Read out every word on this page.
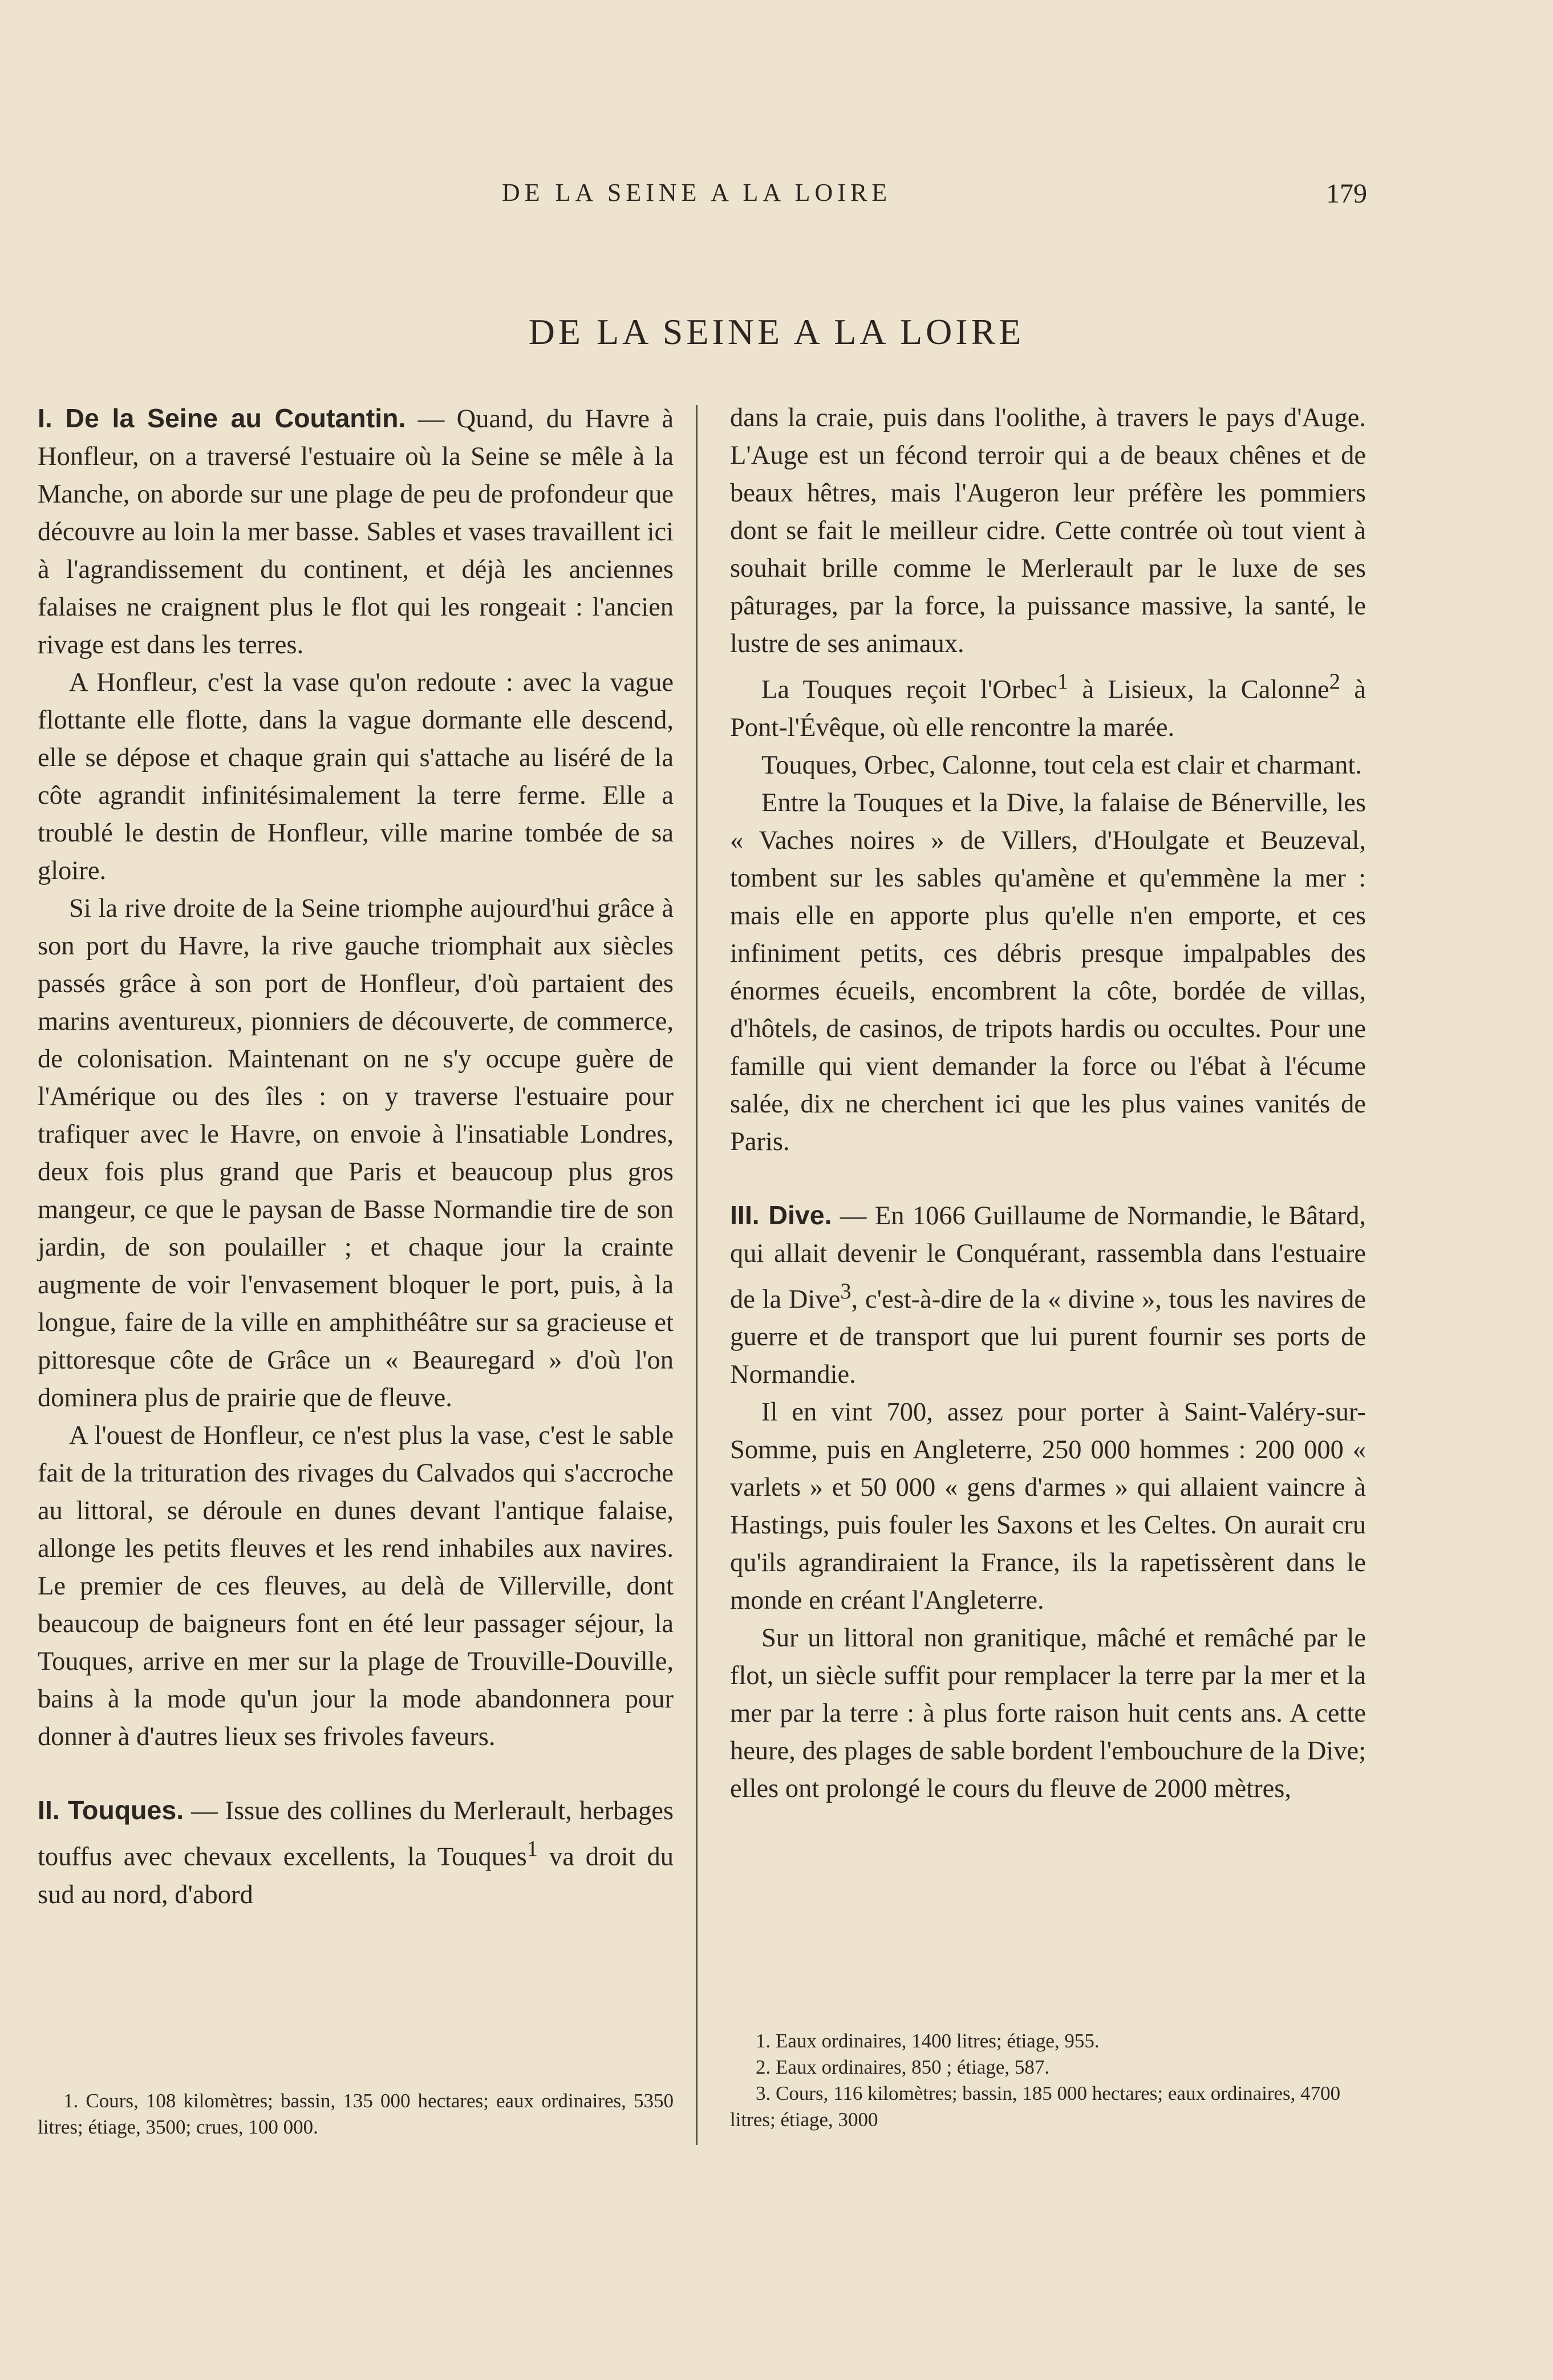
DE LA SEINE A LA LOIRE	179
DE LA SEINE A LA LOIRE

I. De la Seine au Coutantin. — Quand, du Havre à Honfleur, on a traversé l'estuaire où la Seine se mêle à la Manche, on aborde sur une plage de peu de profondeur que découvre au loin la mer basse. Sables et vases travaillent ici à l'agrandissement du continent, et déjà les anciennes falaises ne craignent plus le flot qui les rongeait : l'ancien rivage est dans les terres.

A Honfleur, c'est la vase qu'on redoute : avec la vague flottante elle flotte, dans la vague dormante elle descend, elle se dépose et chaque grain qui s'attache au liséré de la côte agrandit infinitésimalement la terre ferme. Elle a troublé le destin de Honfleur, ville marine tombée de sa gloire.

Si la rive droite de la Seine triomphe aujourd'hui grâce à son port du Havre, la rive gauche triomphait aux siècles passés grâce à son port de Honfleur, d'où partaient des marins aventureux, pionniers de découverte, de commerce, de colonisation. Maintenant on ne s'y occupe guère de l'Amérique ou des îles : on y traverse l'estuaire pour trafiquer avec le Havre, on envoie à l'insatiable Londres, deux fois plus grand que Paris et beaucoup plus gros mangeur, ce que le paysan de Basse Normandie tire de son jardin, de son poulailler ; et chaque jour la crainte augmente de voir l'envasement bloquer le port, puis, à la longue, faire de la ville en amphithéâtre sur sa gracieuse et pittoresque côte de Grâce un « Beauregard » d'où l'on dominera plus de prairie que de fleuve.

A l'ouest de Honfleur, ce n'est plus la vase, c'est le sable fait de la trituration des rivages du Calvados qui s'accroche au littoral, se déroule en dunes devant l'antique falaise, allonge les petits fleuves et les rend inhabiles aux navires. Le premier de ces fleuves, au delà de Villerville, dont beaucoup de baigneurs font en été leur passager séjour, la Touques, arrive en mer sur la plage de Trouville-Douville, bains à la mode qu'un jour la mode abandonnera pour donner à d'autres lieux ses frivoles faveurs.

II. Touques. — Issue des collines du Merlerault, herbages touffus avec chevaux excellents, la Touques$^1$ va droit du sud au nord, d'abord

1. Cours, 108 kilomètres; bassin, 135 000 hectares; eaux ordinaires, 5350 litres; étiage, 3500; crues, 100 000.

dans la craie, puis dans l'oolithe, à travers le pays d'Auge. L'Auge est un fécond terroir qui a de beaux chênes et de beaux hêtres, mais l'Augeron leur préfère les pommiers dont se fait le meilleur cidre. Cette contrée où tout vient à souhait brille comme le Merlerault par le luxe de ses pâturages, par la force, la puissance massive, la santé, le lustre de ses animaux.

La Touques reçoit l'Orbec$^1$ à Lisieux, la Calonne$^2$ à Pont-l'Évêque, où elle rencontre la marée.

Touques, Orbec, Calonne, tout cela est clair et charmant.

Entre la Touques et la Dive, la falaise de Bénerville, les « Vaches noires » de Villers, d'Houlgate et Beuzeval, tombent sur les sables qu'amène et qu'emmène la mer : mais elle en apporte plus qu'elle n'en emporte, et ces infiniment petits, ces débris presque impalpables des énormes écueils, encombrent la côte, bordée de villas, d'hôtels, de casinos, de tripots hardis ou occultes. Pour une famille qui vient demander la force ou l'ébat à l'écume salée, dix ne cherchent ici que les plus vaines vanités de Paris.

III. Dive. — En 1066 Guillaume de Normandie, le Bâtard, qui allait devenir le Conquérant, rassembla dans l'estuaire de la Dive$^3$, c'est-à-dire de la « divine », tous les navires de guerre et de transport que lui purent fournir ses ports de Normandie.

Il en vint 700, assez pour porter à Saint-Valéry-sur-Somme, puis en Angleterre, 250 000 hommes : 200 000 « varlets » et 50 000 « gens d'armes » qui allaient vaincre à Hastings, puis fouler les Saxons et les Celtes. On aurait cru qu'ils agrandiraient la France, ils la rapetissèrent dans le monde en créant l'Angleterre.

Sur un littoral non granitique, mâché et remâché par le flot, un siècle suffit pour remplacer la terre par la mer et la mer par la terre : à plus forte raison huit cents ans. A cette heure, des plages de sable bordent l'embouchure de la Dive; elles ont prolongé le cours du fleuve de 2000 mètres,

1. Eaux ordinaires, 1400 litres; étiage, 955.
2. Eaux ordinaires, 850 ; étiage, 587.
3. Cours, 116 kilomètres; bassin, 185 000 hectares; eaux ordinaires, 4700 litres; étiage, 3000
